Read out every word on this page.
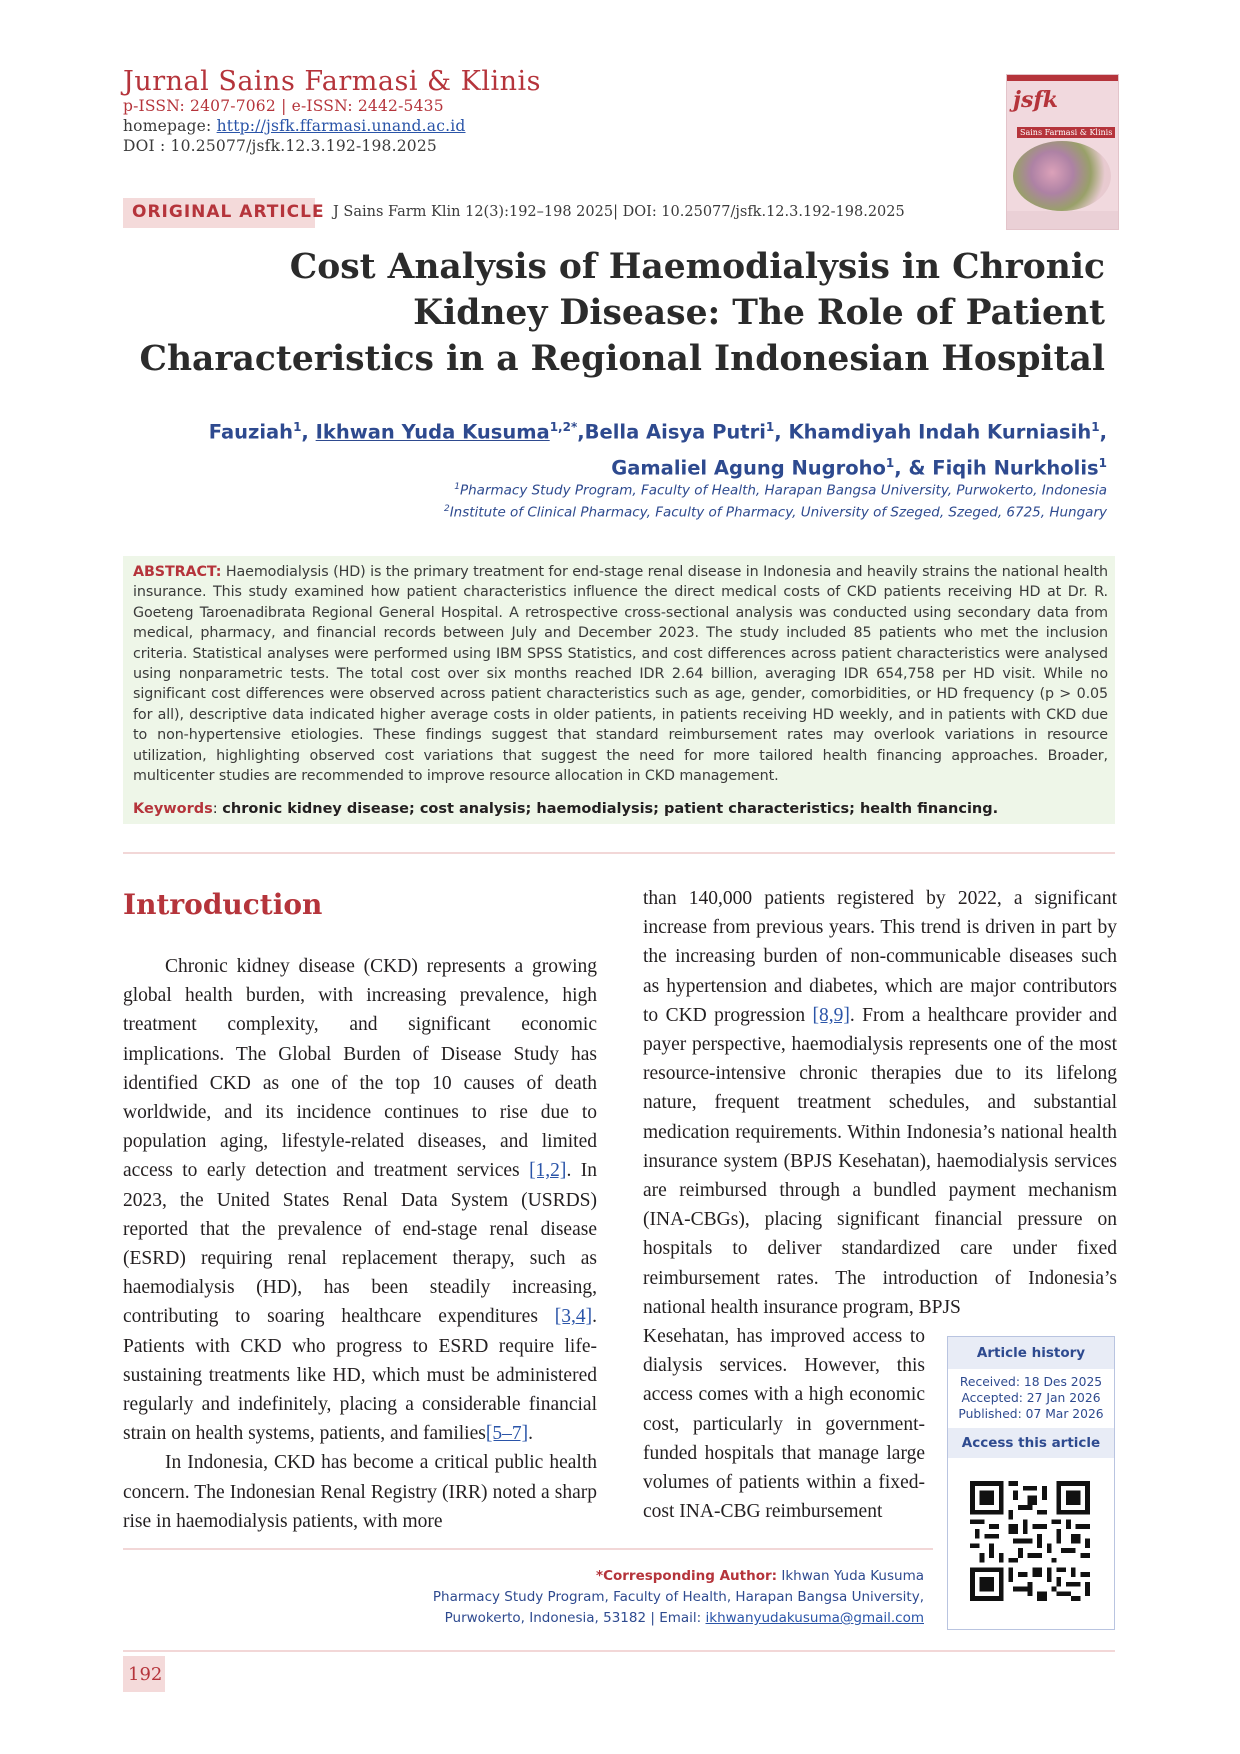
Jurnal Sains Farmasi & Klinis
p-ISSN: 2407-7062 | e-ISSN: 2442-5435
homepage: http://jsfk.ffarmasi.unand.ac.id
DOI : 10.25077/jsfk.12.3.192-198.2025
jsfk
Sains Farmasi & Klinis
ORIGINAL ARTICLE J Sains Farm Klin 12(3):192–198 2025| DOI: 10.25077/jsfk.12.3.192-198.2025
Cost Analysis of Haemodialysis in Chronic
Kidney Disease: The Role of Patient
Characteristics in a Regional Indonesian Hospital
Fauziah$^1$, Ikhwan Yuda Kusuma$^{1,2*}$,Bella Aisya Putri$^1$, Khamdiyah Indah Kurniasih$^1$,
Gamaliel Agung Nugroho$^1$, & Fiqih Nurkholis$^1$
$^1$Pharmacy Study Program, Faculty of Health, Harapan Bangsa University, Purwokerto, Indonesia
$^2$Institute of Clinical Pharmacy, Faculty of Pharmacy, University of Szeged, Szeged, 6725, Hungary
ABSTRACT: Haemodialysis (HD) is the primary treatment for end-stage renal disease in Indonesia and heavily strains the national health insurance. This study examined how patient characteristics influence the direct medical costs of CKD patients receiving HD at Dr. R. Goeteng Taroenadibrata Regional General Hospital. A retrospective cross-sectional analysis was conducted using secondary data from medical, pharmacy, and financial records between July and December 2023. The study included 85 patients who met the inclusion criteria. Statistical analyses were performed using IBM SPSS Statistics, and cost differences across patient characteristics were analysed using nonparametric tests. The total cost over six months reached IDR 2.64 billion, averaging IDR 654,758 per HD visit. While no significant cost differences were observed across patient characteristics such as age, gender, comorbidities, or HD frequency (p > 0.05 for all), descriptive data indicated higher average costs in older patients, in patients receiving HD weekly, and in patients with CKD due to non-hypertensive etiologies. These findings suggest that standard reimbursement rates may overlook variations in resource utilization, highlighting observed cost variations that suggest the need for more tailored health financing approaches. Broader, multicenter studies are recommended to improve resource allocation in CKD management.
Keywords: chronic kidney disease; cost analysis; haemodialysis; patient characteristics; health financing.
Introduction

Chronic kidney disease (CKD) represents a growing global health burden, with increasing prevalence, high treatment complexity, and significant economic implications. The Global Burden of Disease Study has identified CKD as one of the top 10 causes of death worldwide, and its incidence continues to rise due to population aging, lifestyle-related diseases, and limited access to early detection and treatment services [1,2]. In 2023, the United States Renal Data System (USRDS) reported that the prevalence of end-stage renal disease (ESRD) requiring renal replacement therapy, such as haemodialysis (HD), has been steadily increasing, contributing to soaring healthcare expenditures [3,4]. Patients with CKD who progress to ESRD require life-sustaining treatments like HD, which must be administered regularly and indefinitely, placing a considerable financial strain on health systems, patients, and families[5–7].

In Indonesia, CKD has become a critical public health concern. The Indonesian Renal Registry (IRR) noted a sharp rise in haemodialysis patients, with more

than 140,000 patients registered by 2022, a significant increase from previous years. This trend is driven in part by the increasing burden of non-communicable diseases such as hypertension and diabetes, which are major contributors to CKD progression [8,9]. From a healthcare provider and payer perspective, haemodialysis represents one of the most resource-intensive chronic therapies due to its lifelong nature, frequent treatment schedules, and substantial medication requirements. Within Indonesia’s national health insurance system (BPJS Kesehatan), haemodialysis services are reimbursed through a bundled payment mechanism (INA-CBGs), placing significant financial pressure on hospitals to deliver standardized care under fixed reimbursement rates. The introduction of Indonesia’s national health insurance program, BPJS

Kesehatan, has improved access to dialysis services. However, this access comes with a high economic cost, particularly in government-funded hospitals that manage large volumes of patients within a fixed-cost INA-CBG reimbursement

Article history
Received: 18 Des 2025
Accepted: 27 Jan 2026
Published: 07 Mar 2026
Access this article
*Corresponding Author: Ikhwan Yuda Kusuma
Pharmacy Study Program, Faculty of Health, Harapan Bangsa University,
Purwokerto, Indonesia, 53182 | Email: ikhwanyudakusuma@gmail.com
192
